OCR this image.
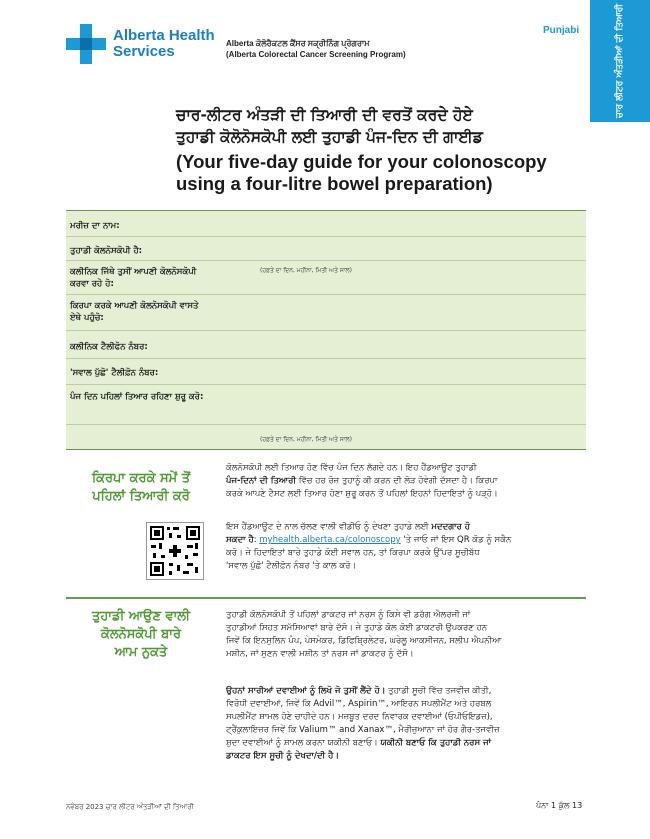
Alberta Health
Services	Alberta ਕੋਲੋਰੈਕਟਲ ਕੈਂਸਰ ਸਕ੍ਰੀਨਿੰਗ ਪ੍ਰੋਗਰਾਮ
(Alberta Colorectal Cancer Screening Program)
Punjabi	ਚਾਰ ਲੀਟਰ ਅੰਤੜੀਆਂ ਦੀ ਤਿਆਰੀ
ਚਾਰ-ਲੀਟਰ ਅੰਤੜੀ ਦੀ ਤਿਆਰੀ ਦੀ ਵਰਤੋਂ ਕਰਦੇ ਹੋਏ
ਤੁਹਾਡੀ ਕੋਲੋਨੋਸਕੋਪੀ ਲਈ ਤੁਹਾਡੀ ਪੰਜ-ਦਿਨ ਦੀ ਗਾਈਡ
(Your five-day guide for your colonoscopy
using a four-litre bowel preparation)
ਮਰੀਜ਼ ਦਾ ਨਾਮ:
ਤੁਹਾਡੀ ਕੋਲਨੋਸਕੋਪੀ ਹੈ:
ਕਲੀਨਿਕ ਜਿੱਥੇ ਤੁਸੀਂ ਆਪਣੀ ਕੋਲਨੋਸਕੋਪੀ
ਕਰਵਾ ਰਹੇ ਹੋ:
(ਹਫ਼ਤੇ ਦਾ ਦਿਨ, ਮਹੀਨਾ, ਮਿਤੀ ਅਤੇ ਸਾਲ)
ਕਿਰਪਾ ਕਰਕੇ ਆਪਣੀ ਕੋਲਨੋਸਕੋਪੀ ਵਾਸਤੇ
ਏਥੇ ਪਹੁੰਚੋ:
ਕਲੀਨਿਕ ਟੈਲੀਫੋਨ ਨੰਬਰ:
'ਸਵਾਲ ਪੁੱਛੋ' ਟੈਲੀਫ਼ੋਨ ਨੰਬਰ:
ਪੰਜ ਦਿਨ ਪਹਿਲਾਂ ਤਿਆਰ ਰਹਿਣਾ ਸ਼ੁਰੂ ਕਰੋ:
(ਹਫ਼ਤੇ ਦਾ ਦਿਨ, ਮਹੀਨਾ, ਮਿਤੀ ਅਤੇ ਸਾਲ)
ਕਿਰਪਾ ਕਰਕੇ ਸਮੇਂ ਤੋਂ
ਪਹਿਲਾਂ ਤਿਆਰੀ ਕਰੋ
ਕੋਲਨੋਸਕੋਪੀ ਲਈ ਤਿਆਰ ਹੋਣ ਵਿੱਚ ਪੰਜ ਦਿਨ ਲੱਗਦੇ ਹਨ। ਇਹ ਹੈਂਡਆਊਟ ਤੁਹਾਡੀ
ਪੰਜ-ਦਿਨਾਂ ਦੀ ਤਿਆਰੀ ਵਿੱਚ ਹਰ ਰੋਜ਼ ਤੁਹਾਨੂੰ ਕੀ ਕਰਨ ਦੀ ਲੋੜ ਹੋਵੇਗੀ ਦੱਸਦਾ ਹੈ। ਕਿਰਪਾ
ਕਰਕੇ ਆਪਣੇ ਟੈਸਟ ਲਈ ਤਿਆਰ ਹੋਣਾ ਸ਼ੁਰੂ ਕਰਨ ਤੋਂ ਪਹਿਲਾਂ ਇਹਨਾਂ ਹਿਦਾਇਤਾਂ ਨੂੰ ਪੜ੍ਹੋ।
ਇਸ ਹੈਂਡਆਊਟ ਦੇ ਨਾਲ ਚੱਲਣ ਵਾਲੀ ਵੀਡੀਓ ਨੂੰ ਦੇਖਣਾ ਤੁਹਾਡੇ ਲਈ ਮਦਦਗਾਰ ਹੋ
ਸਕਦਾ ਹੈ: myhealth.alberta.ca/colonoscopy 'ਤੇ ਜਾਓ ਜਾਂ ਇਸ QR ਕੋਡ ਨੂੰ ਸਕੈਨ
ਕਰੋ। ਜੇ ਹਿਦਾਇਤਾਂ ਬਾਰੇ ਤੁਹਾਡੇ ਕੋਈ ਸਵਾਲ ਹਨ, ਤਾਂ ਕਿਰਪਾ ਕਰਕੇ ਉੱਪਰ ਸੂਚੀਬੱਧ
'ਸਵਾਲ ਪੁੱਛੋ' ਟੈਲੀਫ਼ੋਨ ਨੰਬਰ 'ਤੇ ਕਾਲ ਕਰੋ।
ਤੁਹਾਡੀ ਆਉਣ ਵਾਲੀ
ਕੋਲਨੋਸਕੋਪੀ ਬਾਰੇ
ਆਮ ਨੁਕਤੇ
ਤੁਹਾਡੀ ਕੋਲਨੋਸਕੋਪੀ ਤੋਂ ਪਹਿਲਾਂ ਡਾਕਟਰ ਜਾਂ ਨਰਸ ਨੂੰ ਕਿਸੇ ਵੀ ਡਰੱਗ ਐਲਰਜੀ ਜਾਂ
ਤੁਹਾਡੀਆਂ ਸਿਹਤ ਸਮੱਸਿਆਵਾਂ ਬਾਰੇ ਦੱਸੋ। ਜੇ ਤੁਹਾਡੇ ਕੋਲ ਕੋਈ ਡਾਕਟਰੀ ਉਪਕਰਣ ਹਨ
ਜਿਵੇਂ ਕਿ ਇਨਸੁਲਿਨ ਪੰਪ, ਪੇਸਮੇਕਰ, ਡਿਫਿਬ੍ਰਿਲੇਟਰ, ਘਰੇਲੂ ਆਕਸੀਜਨ, ਸਲੀਪ ਐਪਨੀਆ
ਮਸ਼ੀਨ, ਜਾਂ ਸੁਣਨ ਵਾਲੀ ਮਸ਼ੀਨ ਤਾਂ ਨਰਸ ਜਾਂ ਡਾਕਟਰ ਨੂੰ ਦੱਸੋ।
ਉਹਨਾਂ ਸਾਰੀਆਂ ਦਵਾਈਆਂ ਨੂੰ ਲਿਖੋ ਜੋ ਤੁਸੀਂ ਲੈਂਦੇ ਹੋ। ਤੁਹਾਡੀ ਸੂਚੀ ਵਿੱਚ ਤਜਵੀਜ਼ ਕੀਤੀ,
ਵਿਰੋਧੀ ਦਵਾਈਆਂ, ਜਿਵੇਂ ਕਿ Advil™, Aspirin™, ਆਇਰਨ ਸਪਲੀਮੈਂਟ ਅਤੇ ਹਰਬਲ
ਸਪਲੀਮੈਂਟ ਸ਼ਾਮਲ ਹੋਣੇ ਚਾਹੀਦੇ ਹਨ। ਮਜ਼ਬੂਤ ਦਰਦ ਨਿਵਾਰਕ ਦਵਾਈਆਂ (ਓਪੀਓਇਡਜ਼),
ਟ੍ਰੈਂਕੁਲਾਇਜ਼ਰ ਜਿਵੇਂ ਕਿ Valium™ and Xanax™, ਮੈਰੀਜੁਆਨਾ ਜਾਂ ਹੋਰ ਗੈਰ-ਤਜਵੀਜ਼
ਸ਼ੁਦਾ ਦਵਾਈਆਂ ਨੂੰ ਸ਼ਾਮਲ ਕਰਨਾ ਯਕੀਨੀ ਬਣਾਓ। ਯਕੀਨੀ ਬਣਾਓ ਕਿ ਤੁਹਾਡੀ ਨਰਸ ਜਾਂ
ਡਾਕਟਰ ਇਸ ਸੂਚੀ ਨੂੰ ਦੇਖਦਾ/ਦੀ ਹੈ।
ਨਵੰਬਰ 2023 ਚਾਰ ਲੀਟਰ ਅੰਤੜੀਆਂ ਦੀ ਤਿਆਰੀ	ਪੰਨਾ 1 ਕੁੱਲ 13
